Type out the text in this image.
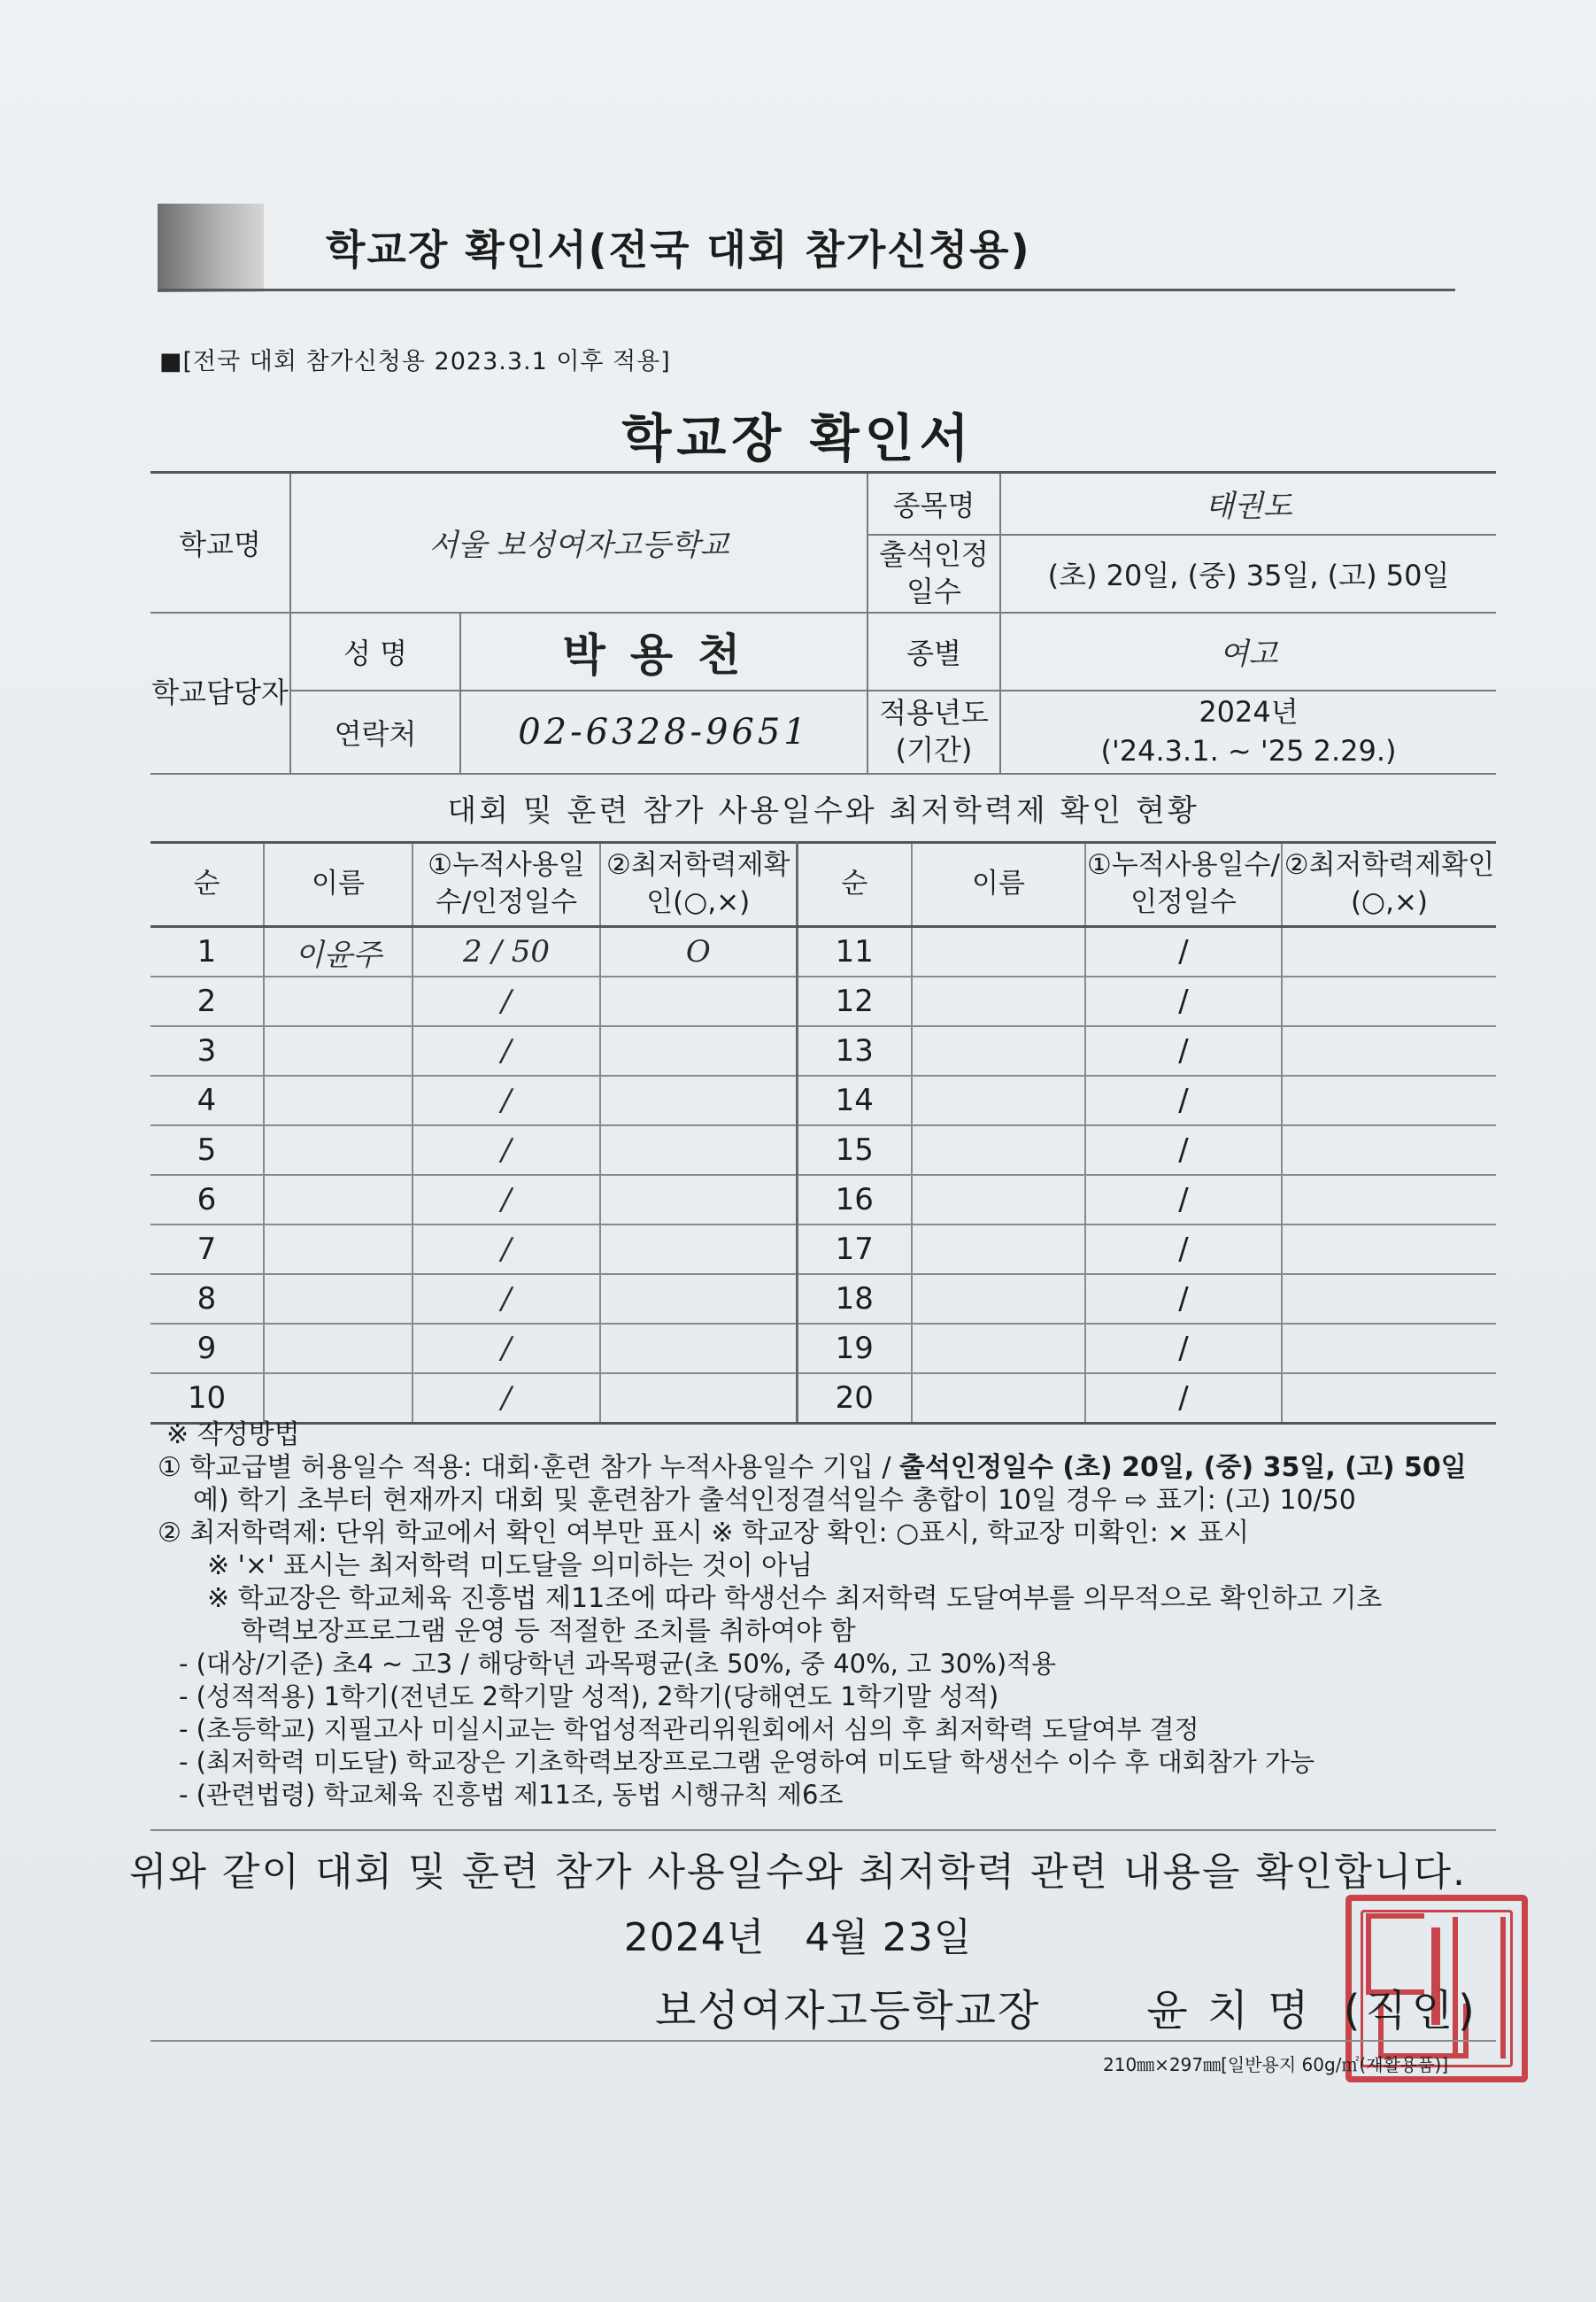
학교장 확인서(전국 대회 참가신청용)
■[전국 대회 참가신청용 2023.3.1 이후 적용]
학교장 확인서
학교명	서울 보성여자고등학교		종목명	태권도
			출석인정일수	(초) 20일, (중) 35일, (고) 50일
학교담당자	성 명	박용천	종별	여고
	연락처	02-6328-9651	적용년도(기간)	2024년
('24.3.1. ~ '25 2.29.)
대회 및 훈련 참가 사용일수와 최저학력제 확인 현황
순	이름	①누적사용일수/인정일수	②최저학력제확인(○,×)	순	이름	①누적사용일수/인정일수	②최저학력제확인(○,×)
1	이윤주	2 / 50	O	11		/	
2		/		12		/	
3		/		13		/	
4		/		14		/	
5		/		15		/	
6		/		16		/	
7		/		17		/	
8		/		18		/	
9		/		19		/	
10		/		20		/	
※ 작성방법
① 학교급별 허용일수 적용: 대회·훈련 참가 누적사용일수 기입 / 출석인정일수 (초) 20일, (중) 35일, (고) 50일
예) 학기 초부터 현재까지 대회 및 훈련참가 출석인정결석일수 총합이 10일 경우 ⇨ 표기: (고) 10/50
② 최저학력제: 단위 학교에서 확인 여부만 표시 ※ 학교장 확인: ○표시, 학교장 미확인: × 표시
※ '×' 표시는 최저학력 미도달을 의미하는 것이 아님
※ 학교장은 학교체육 진흥법 제11조에 따라 학생선수 최저학력 도달여부를 의무적으로 확인하고 기초
학력보장프로그램 운영 등 적절한 조치를 취하여야 함
- (대상/기준) 초4 ~ 고3 / 해당학년 과목평균(초 50%, 중 40%, 고 30%)적용
- (성적적용) 1학기(전년도 2학기말 성적), 2학기(당해연도 1학기말 성적)
- (초등학교) 지필고사 미실시교는 학업성적관리위원회에서 심의 후 최저학력 도달여부 결정
- (최저학력 미도달) 학교장은 기초학력보장프로그램 운영하여 미도달 학생선수 이수 후 대회참가 가능
- (관련법령) 학교체육 진흥법 제11조, 동법 시행규칙 제6조
위와 같이 대회 및 훈련 참가 사용일수와 최저학력 관련 내용을 확인합니다.
2024년   4월 23일
보성여자고등학교장	윤치명 (직인)
210㎜×297㎜[일반용지 60g/㎡(재활용품)]
